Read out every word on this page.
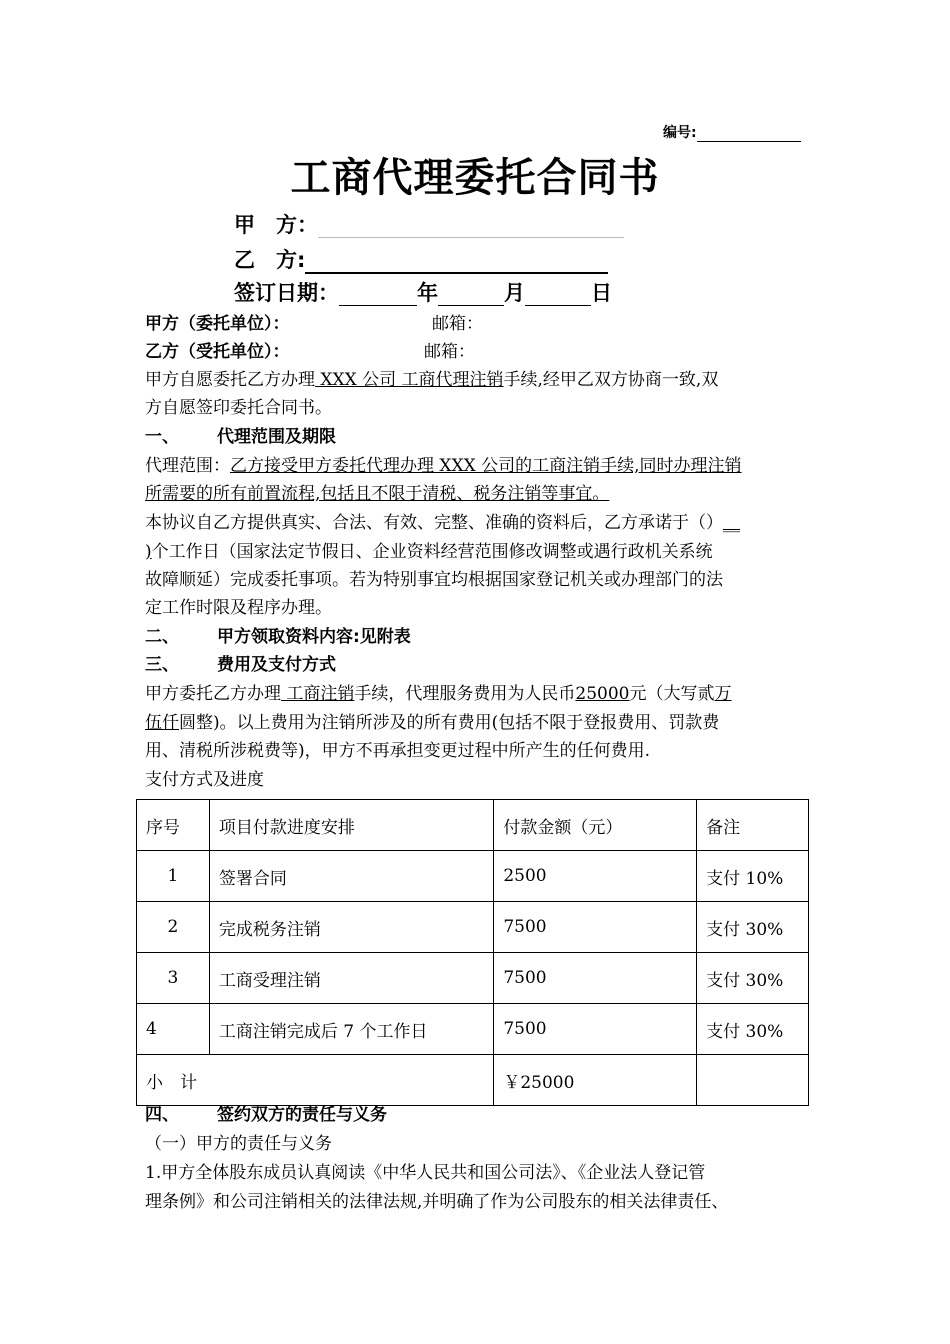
编号:
工商代理委托合同书
甲　方：
乙　方:
签订日期：	年	月	日
甲方（委托单位）：	邮箱：
乙方（受托单位）：	邮箱：
甲方自愿委托乙方办理 XXX 公司 工商代理注销手续,经甲乙双方协商一致,双
方自愿签印委托合同书。
一、 代理范围及期限
代理范围：乙方接受甲方委托代理办理 XXX 公司的工商注销手续,同时办理注销
所需要的所有前置流程,包括且不限于清税、税务注销等事宜。
本协议自乙方提供真实、合法、有效、完整、准确的资料后，乙方承诺于（）__
)个工作日（国家法定节假日、企业资料经营范围修改调整或遇行政机关系统
故障顺延）完成委托事项。若为特别事宜均根据国家登记机关或办理部门的法
定工作时限及程序办理。
二、 甲方领取资料内容:见附表
三、 费用及支付方式
甲方委托乙方办理 工商注销手续，代理服务费用为人民币25000元（大写贰万
伍仟圆整)。以上费用为注销所涉及的所有费用(包括不限于登报费用、罚款费
用、清税所涉税费等)，甲方不再承担变更过程中所产生的任何费用.
支付方式及进度
序号	项目付款进度安排	付款金额（元）	备注
1	签署合同	2500	支付 10%
2	完成税务注销	7500	支付 30%
3	工商受理注销	7500	支付 30%
4	工商注销完成后 7 个工作日	7500	支付 30%
小　计		￥25000	
四、 签约双方的责任与义务
（一）甲方的责任与义务
1.甲方全体股东成员认真阅读《中华人民共和国公司法》、《企业法人登记管
理条例》和公司注销相关的法律法规,并明确了作为公司股东的相关法律责任、
